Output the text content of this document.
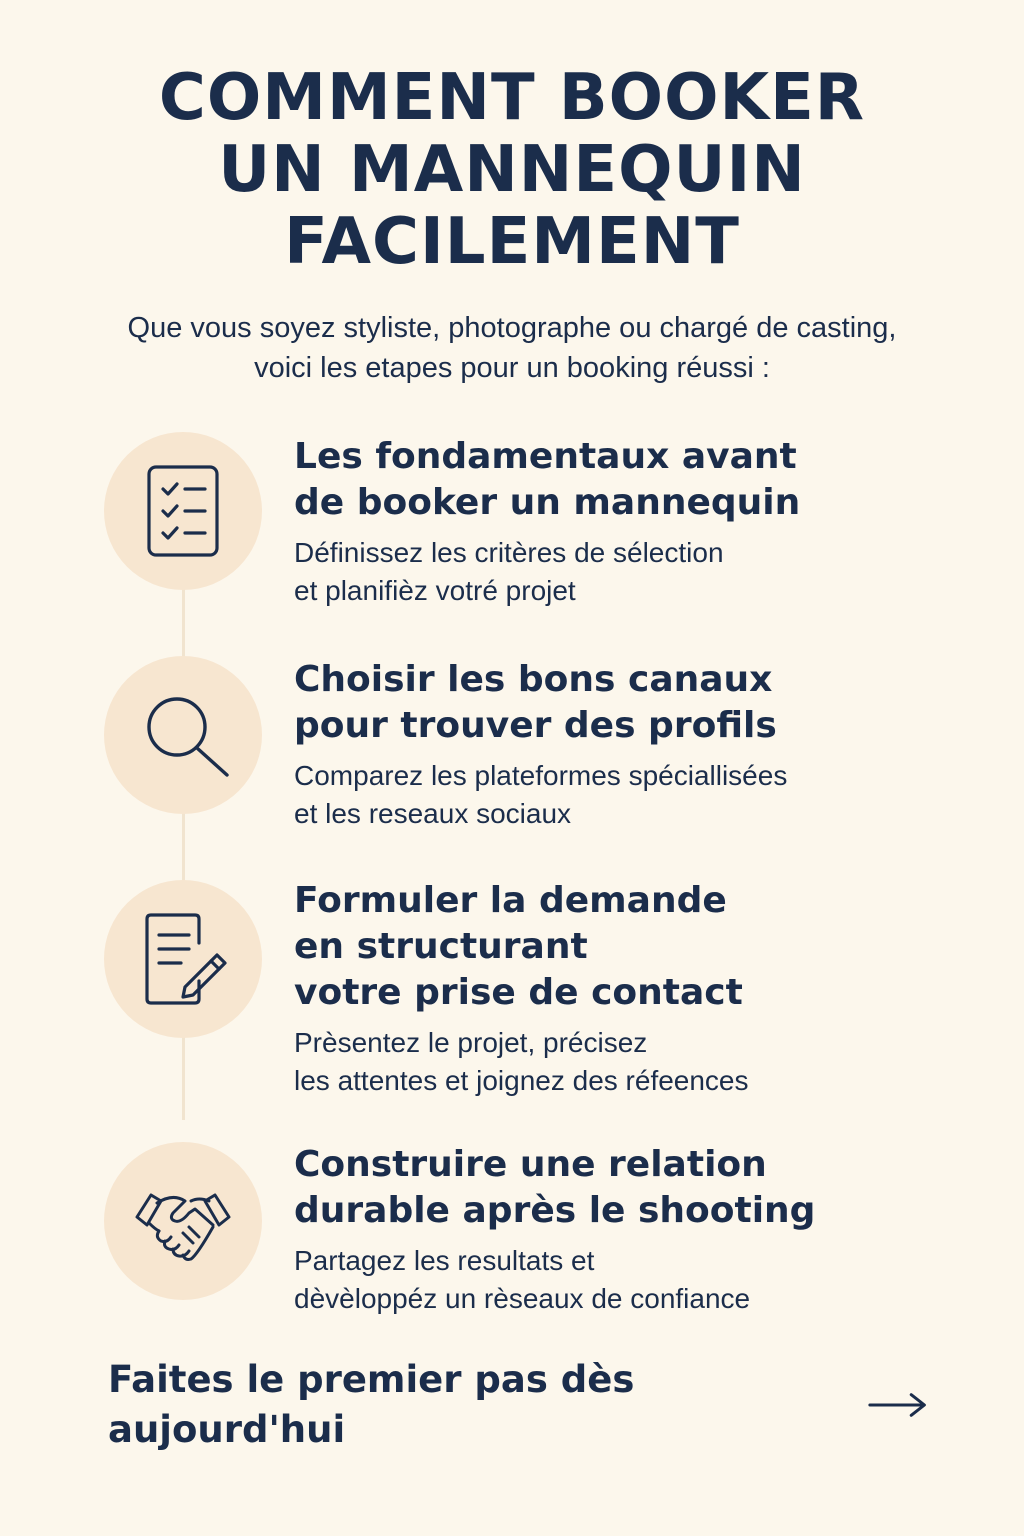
COMMENT BOOKER
UN MANNEQUIN
FACILEMENT
Que vous soyez styliste, photographe ou chargé de casting,
voici les etapes pour un booking réussi :
Les fondamentaux avant
de booker un mannequin
Définissez les critères de sélection
et planifièz votré projet
Choisir les bons canaux
pour trouver des profils
Comparez les plateformes spéciallisées
et les reseaux sociaux
Formuler la demande
en structurant
votre prise de contact
Prèsentez le projet, précisez
les attentes et joignez des réfeences
Construire une relation
durable après le shooting
Partagez les resultats et
dèvèloppéz un rèseaux de confiance
Faites le premier pas dès aujourd'hui
